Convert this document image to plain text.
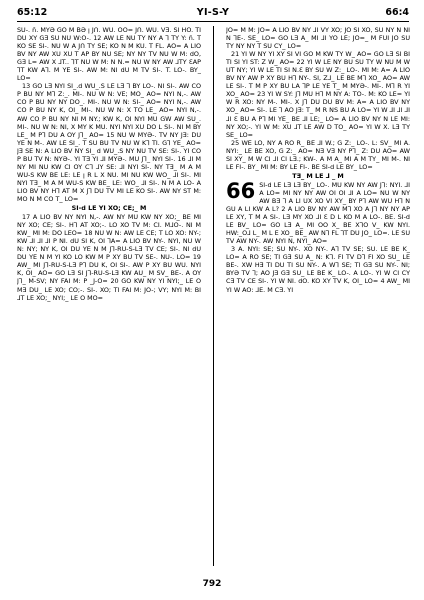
65:12	YI-S-Y	66:4

SU-. ñ. MYƏ GO M BƏ ꞁ JՈ. WU. OO= JՈ. WU. VƎ. SI HO. TI DU XY GƎ SU NU W:O-. 12 AW LE NU TY NY A ⅂ TY Y: ñ. T KO SE SI-. NU W A JՈ TY SE; KO N M KU. T FL. AO= A LIO BV NY AW XU XU T AP BY NU SE; NY NY TV NU W M: dO, GƎ L= AW X ⅃T.. ⅂T NU W M: N N.= NU W NY AW ⅃TY ƐAP ⅂T KW A⅂. M YE SI-. AW M: NI dU M TV SI-. T. LO-. BY_ LO=

13 GO LƎ NYI SI_.d WU_.S LE LƎ ⅂ BY LO-. NI SI-. AW CO P BU NY M⅂ Z:_. MI-. NU W N: VE; MO_ AO= NYI N,-. AW CO P BU NY NY DO_. MI-. NU W N: SI-_ AO= NYI N,-. AW CO P BU NY K, OI_ MI-. NU W N: X TO LE_ AO= NYI N,-. AW CO P BU NY NI M NY.; KW K, OI NYI MU GW AW SU_. MI-. NU W N: NI, X MY K MU. NYI NYI XU DO L SI-. NI M BY LE_ M P⅂ DU A OY J⅂_ AO= 15 NU W MYƏ-. TV NY JƎ: DU YE N M-. AW LE SI_. T SU BU TV NU W K⅂ TI. G⅂ YE_ AO= JƎ SE N: A LIO BV NY SI_ d WU_.S NY NU TV SE: SI-. YI CO P BU TV N: NYƏ-. YI TƎ YI ⅃I MYƏ-. MU J⅂_ NYI SI-. 16 ⅃I M NY MI NU KW CI OY C⅂ ⅃Y SE: ⅃I NYI SI-. NY TƎ_ M A M WU-S KW BE LE: LE ꞁ R L X NU. MI NU KW WO_ ⅃I SI-. MI NYI TƎ_ M A M WU-S KW BE_ LE: WO_ ⅃I SI-. N M A LO- A LIO BV NY H⅂ AT M X J⅂ DU TV MI LE KO SI-. AW NY ST M: MO N M CO T_ LO=

SI-d LE YI XO; CE;_ M

17 A LIO BV NY NYI N,-. AW NY MU KW NY XO;_ BE MI NY XO; CE; SI-. H⅂ AT XO;-. LO XO TV M: CI. M⅃O-. NI M KW_ MI M: DO LEO= 18 NU W N: AW LE CE; T LO XO: NY-; KW ⅃I ⅃I ⅃I P NI. dU SI K, OI ⅂A= A LIO BV NY-. NYI, NU W N: NY; NY K, OI DU YE N M J⅂-RU-S-LƎ TV CE; SI-. NI dU DU YE N M YI KO LO KW M P XY BU TV SE-. NU-. LO= 19 AW_ MI J⅂-RU-S-LƎ P⅂ DU K, OI SI-. AW P XY BU WU. NYI K, OI_ AO= GO LƎ SI J⅂-RU-S-LƎ KW AU_ M SV_ BE-. A OY J⅂_ M-SV; NY FAI M: P _J-O= 20 GO KW NY YI NYI;_ LE O MƎ DU_ LE XO; CO;-. SI-. XO; TI FAI M: JO-; VY; NYI M: BI ⅃T LE XO;_ NYI;_ LE O MO=

JO= M M: JO= A LIO BV NY ⅃I VY XO; JO SI XO, SU NY N NI N ⅂E-. SE_ LO= GO LƎ A_ MI ⅃I YO LE; JO=_ M FUI JO SU TY NY NY T SU CY_ LO=

21 YI W NY YI XY SI VI GO M KW TY W_ AO= GO LƎ SI BI TI SI YI ST: Z W_ AO= 22 YI W LE NY BU SU TY W NU M W UT NY; YI W LE TI SI N.Ɛ BY SU W Z:_ LO-. MI M: A= A LIO BV NY AW P XY BU H⅂ NY-. SI, Z⅃_ LE BE M⅂ XO_ AO= AW LE SI-. T M P XY BU LA ⅂P LE YE T_ M MYƏ-. MI-. M⅂ R YI XO_ AO= 23 YI W SY: J⅂ MU H⅂ M NY A: TO-. M: KO LE= YI W R XO: NY M-. MI-. X J⅂ DU DU BV M: A= A LIO BV NY XO_ AO= SI-. LE ⅂ AO JƎ: T_ M R NS BU A LO= YI W ⅃I ⅃I ⅃I ⅃I Ɛ BU A P⅂ MI YE_ BE ⅃I LE;_ LO= A LIO BV NY N LE MI: NY XO;-. YI W M: XU ⅃T LE AW D TO_ AO= YI W X. LƎ TY SE_ LO=

25 WE LO, NY A RO R_ BE ⅃I W.; G Z:_ LO-. L: SV_ MI A. NYI:_ LE BE XO, G Z:_ AO= NƎ VƎ NY P⅂_ Z: DU AO= AW SI XY_ M W CI ⅃I CI LƎ.; KW-. A M A_ MI A M TY_ MI M-. NI LE FI-. BY_ MI M: BY LE FI-. BE SI-d LE BY_ LO=

TƎ_ M LE ⅃ _ M

66 SI-d LE LƎ LƎ BY_ LO-. MU KW NY AW J⅂: NYI. ⅃I A LO= MI NY NY AW OI OI ⅃I A LO= NU W NY AW BƎ ⅂ A LI UX XO VI XY_ BY P⅂ AW WU H⅂ N GU A LI KW A L? 2 A LIO BV NY AW M⅂ XO A J⅂ NY NY AP LE XY, T M A SI-. LƎ MY XO ⅃I Ɛ D L KO M A LO-. BE. SI-d LE BV_ LO= GO LƎ A_ MI OO X_ BE X⅂O V_ KW NYI. HW:_O⅃ L_ M L E XO_ BE_ AW N⅂ FL ⅂T DU JO_ LO=. LE SU TV AW NY-. AW NYI N, NYI_ AO=

3 A. NYI: SE; SU NY-. XO NY-. A⅂ TV SE; SU. LE BE K_ LO= A RO SE; TI GƎ SU A_ N: K⅂. FI TV D⅂ FI XO SU_ LE BE-. XW HƎ TI DU TI SU NY-. A W⅂ SE; TI GƎ SU NY-. NI; BYƏ TV ⅂; AO JƎ GƎ SU_ LE BE K_ LO-. A LO-. YI W CI CY CƎ TV CE SI-. YI W NI. dO. KO XY TV K, OI_ LO= 4 AW_ MI YI W AO: ⅃E. M CƎ. YI

792
